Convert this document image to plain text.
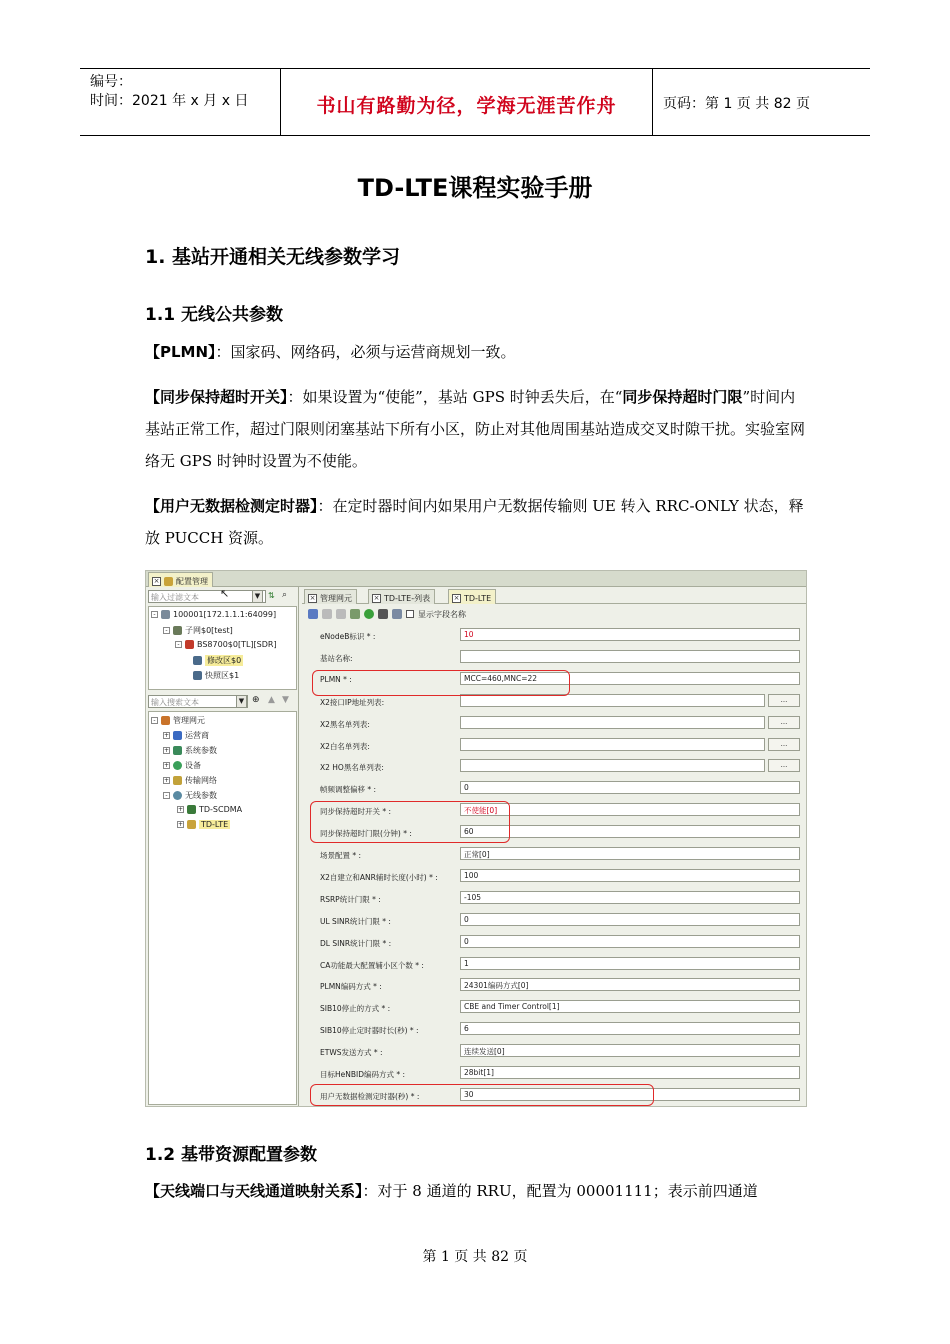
编号：
时间：2021 年 x 月 x 日	书山有路勤为径，学海无涯苦作舟	页码：第 1 页 共 82 页
TD-LTE课程实验手册
1. 基站开通相关无线参数学习
1.1 无线公共参数
【PLMN】：国家码、网络码，必须与运营商规划一致。
【同步保持超时开关】：如果设置为“使能”，基站 GPS 时钟丢失后，在“同步保持超时门限”时间内基站正常工作，超过门限则闭塞基站下所有小区，防止对其他周围基站造成交叉时隙干扰。实验室网络无 GPS 时钟时设置为不使能。
【用户无数据检测定时器】：在定时器时间内如果用户无数据传输则 UE 转入 RRC-ONLY 状态，释放 PUCCH 资源。
× 配置管理
输入过滤文本	▼
↖	⇅ ⌕
-	100001[172.1.1.1:64099]
-	子网$0[test]
-	BS8700$0[TL][SDR]
修改区$0
快照区$1
输入搜索文本	▼ ⊕ ▲ ▼
-	管理网元
+ 运营商
+ 系统参数
+ 设备
+ 传输网络
-	无线参数
+ TD-SCDMA
+ TD-LTE
× 管理网元	× TD-LTE-列表	× TD-LTE
显示字段名称
eNodeB标识 * :	10
基站名称:
PLMN * :	MCC=460,MNC=22
X2接口IP地址列表:	...
X2黑名单列表:	...
X2白名单列表:	...
X2 HO黑名单列表:	...
帧频调整偏移 * :	0
同步保持超时开关 * :	不使能[0]
同步保持超时门限(分钟) * :	60
场景配置 * :	正常[0]
X2自建立和ANR辅时长度(小时) * :	100
RSRP统计门限 * :	-105
UL SINR统计门限 * :	0
DL SINR统计门限 * :	0
CA功能最大配置辅小区个数 * :	1
PLMN编码方式 * :	24301编码方式[0]
SIB10停止的方式 * :	CBE and Timer Control[1]
SIB10停止定时器时长(秒) * :	6
ETWS发送方式 * :	连续发送[0]
目标HeNBID编码方式 * :	28bit[1]
用户无数据检测定时器(秒) * :	30
1.2 基带资源配置参数
【天线端口与天线通道映射关系】：对于 8 通道的 RRU，配置为 00001111；表示前四通道
第 1 页 共 82 页
